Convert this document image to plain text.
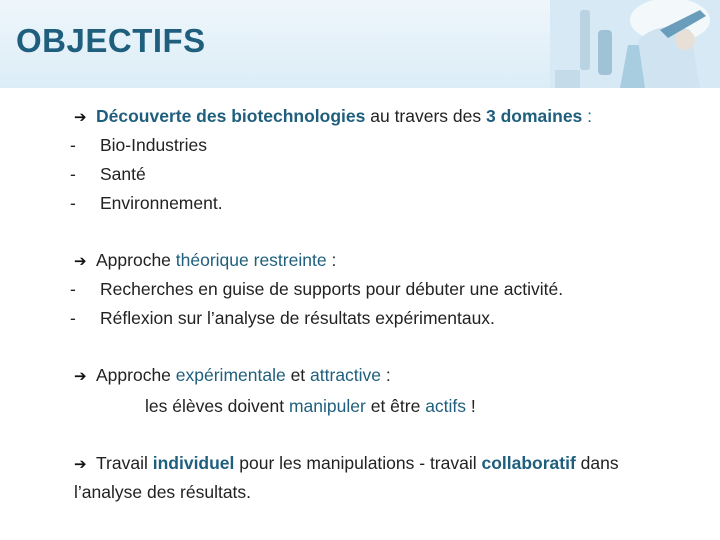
OBJECTIFS
➔ Découverte des biotechnologies au travers des 3 domaines :
- Bio-Industries
- Santé
- Environnement.
➔ Approche théorique restreinte :
- Recherches en guise de supports pour débuter une activité.
- Réflexion sur l’analyse de résultats expérimentaux.
➔ Approche expérimentale et attractive :
les élèves doivent manipuler et être actifs !
➔ Travail individuel pour les manipulations - travail collaboratif dans
l’analyse des résultats.
